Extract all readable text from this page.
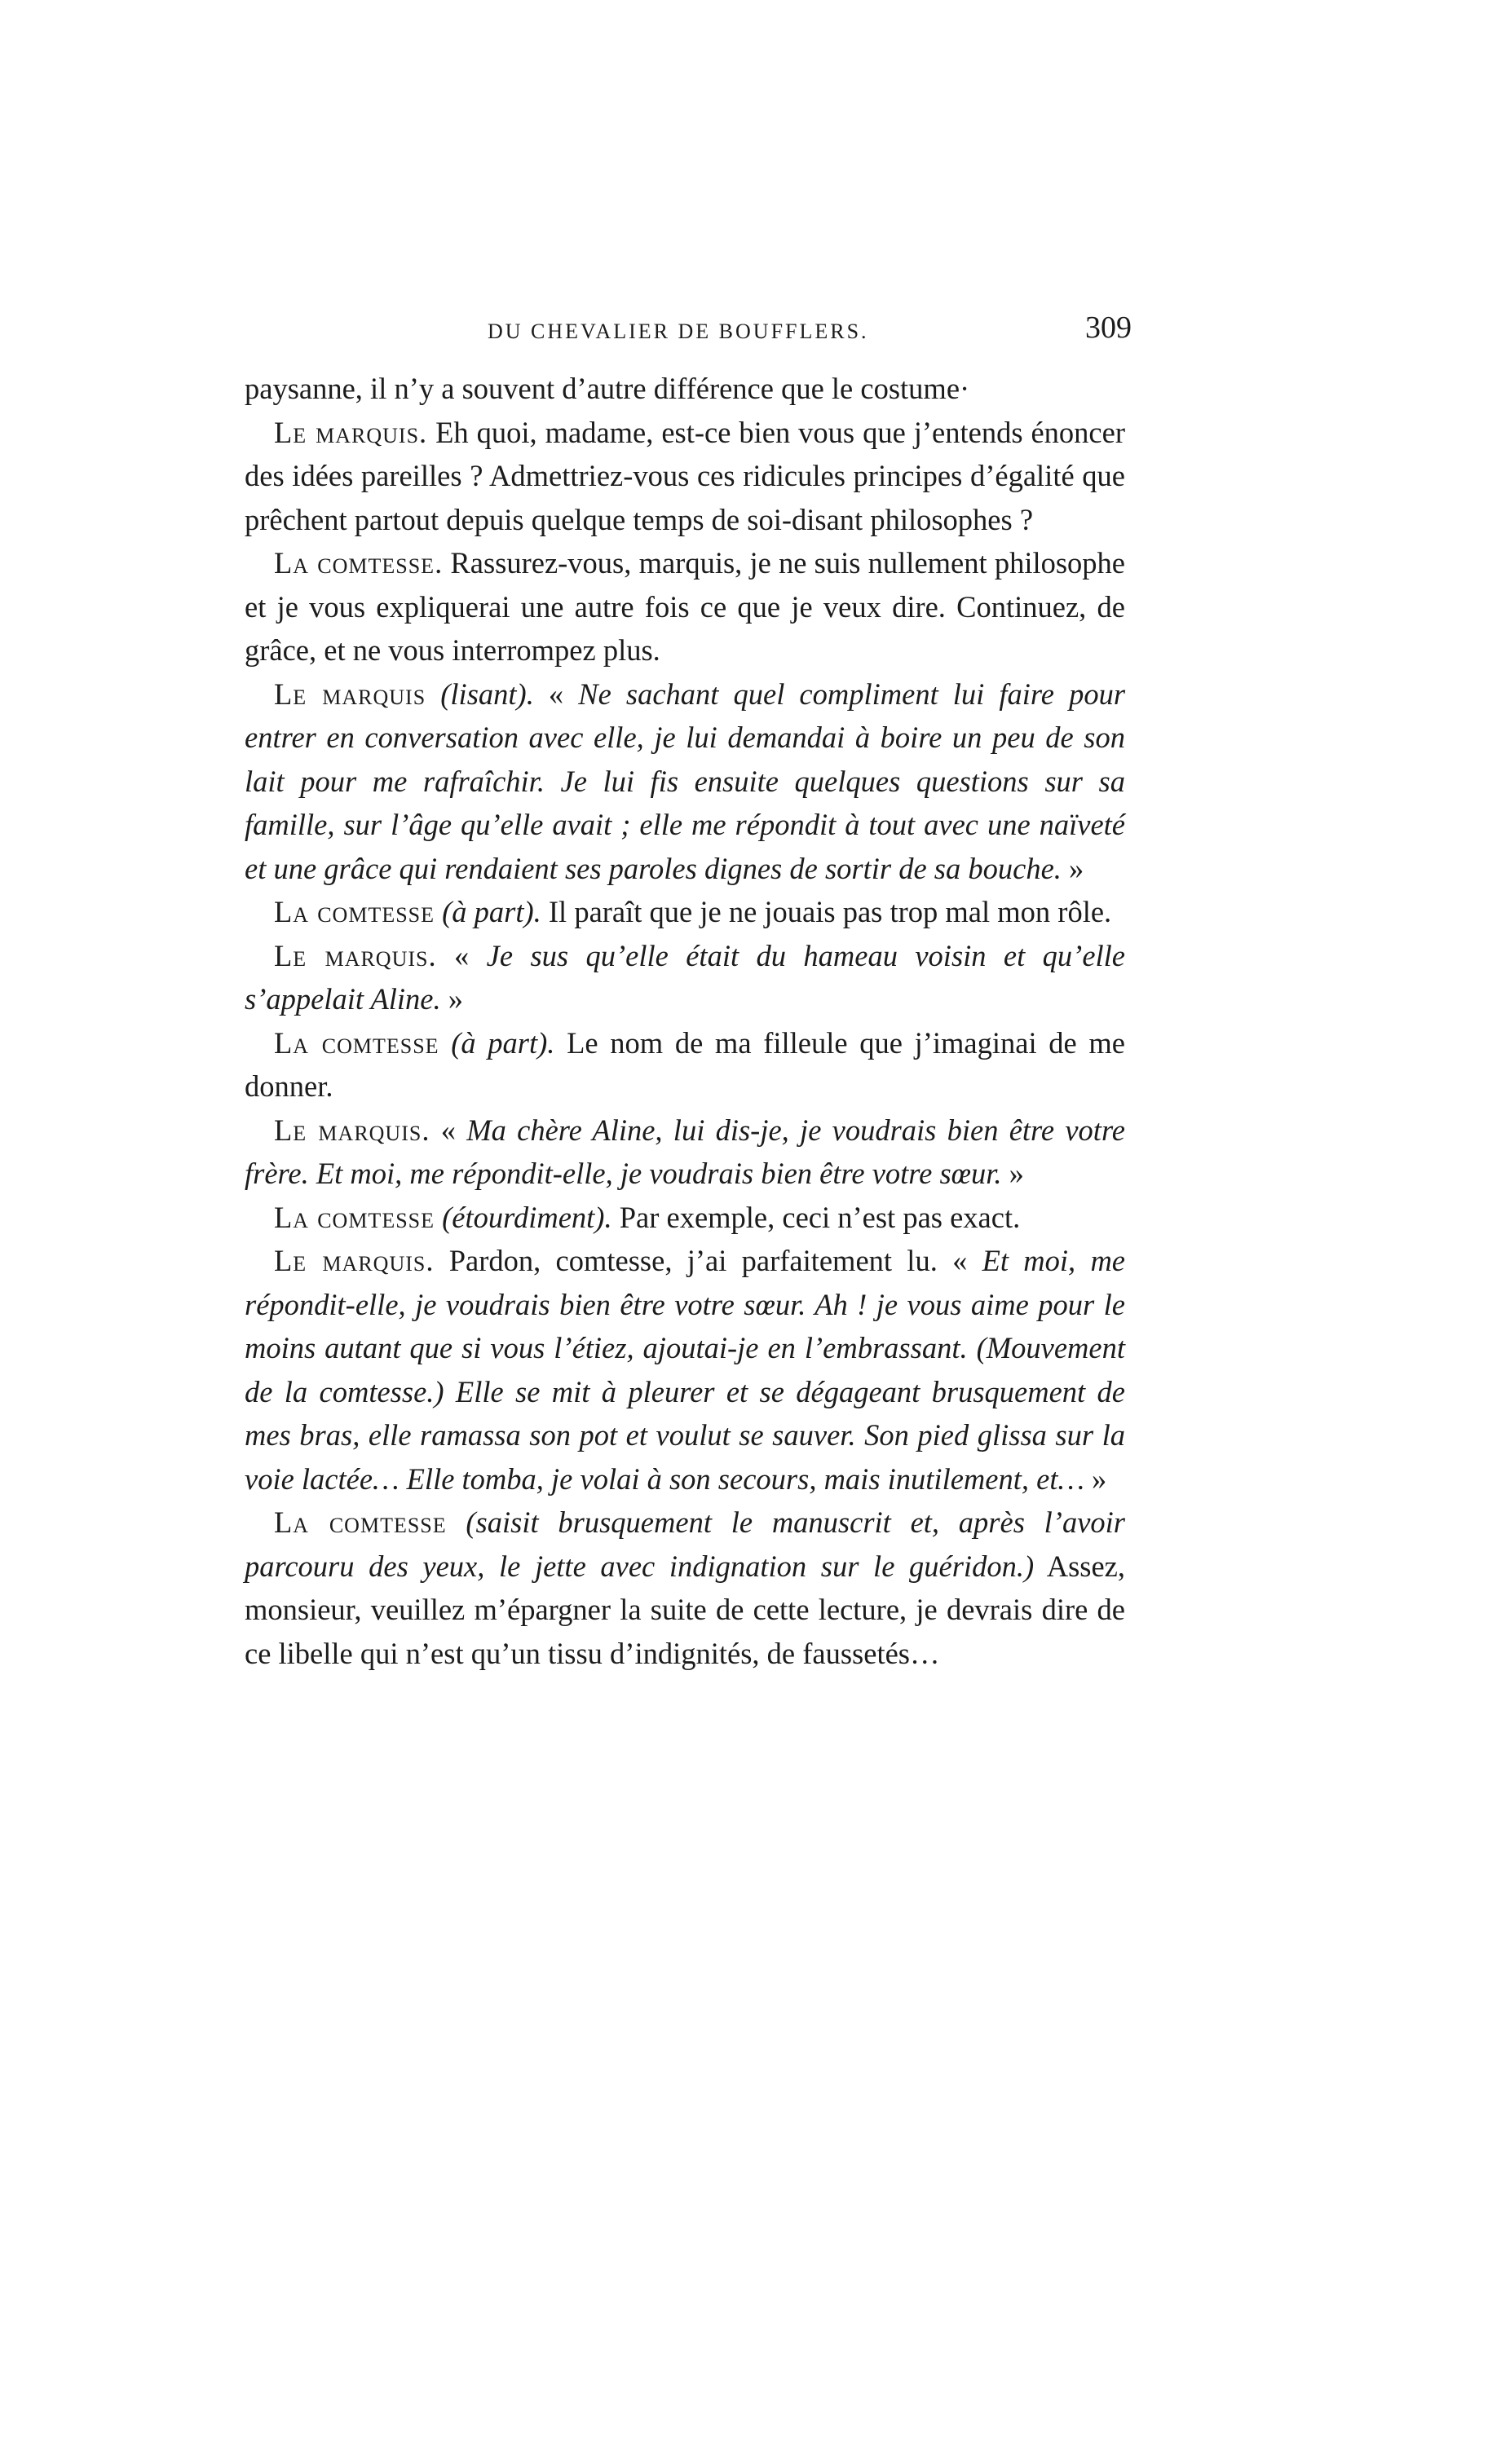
DU CHEVALIER DE BOUFFLERS.	309

paysanne, il n’y a souvent d’autre différence que le costume·

Le marquis. Eh quoi, madame, est-ce bien vous que j’entends énoncer des idées pareilles ? Admettriez-vous ces ridicules principes d’égalité que prêchent partout depuis quelque temps de soi-disant philosophes ?

La comtesse. Rassurez-vous, marquis, je ne suis nullement philosophe et je vous expliquerai une autre fois ce que je veux dire. Continuez, de grâce, et ne vous interrompez plus.

Le marquis (lisant). « Ne sachant quel compliment lui faire pour entrer en conversation avec elle, je lui demandai à boire un peu de son lait pour me rafraîchir. Je lui fis ensuite quelques questions sur sa famille, sur l’âge qu’elle avait ; elle me répondit à tout avec une naïveté et une grâce qui rendaient ses paroles dignes de sortir de sa bouche. »

La comtesse (à part). Il paraît que je ne jouais pas trop mal mon rôle.

Le marquis. « Je sus qu’elle était du hameau voisin et qu’elle s’appelait Aline. »

La comtesse (à part). Le nom de ma filleule que j’imaginai de me donner.

Le marquis. « Ma chère Aline, lui dis-je, je voudrais bien être votre frère. Et moi, me répondit-elle, je voudrais bien être votre sœur. »

La comtesse (étourdiment). Par exemple, ceci n’est pas exact.

Le marquis. Pardon, comtesse, j’ai parfaitement lu. « Et moi, me répondit-elle, je voudrais bien être votre sœur. Ah ! je vous aime pour le moins autant que si vous l’étiez, ajoutai-je en l’embrassant. (Mouvement de la comtesse.) Elle se mit à pleurer et se dégageant brusquement de mes bras, elle ramassa son pot et voulut se sauver. Son pied glissa sur la voie lactée… Elle tomba, je volai à son secours, mais inutilement, et… »

La comtesse (saisit brusquement le manuscrit et, après l’avoir parcouru des yeux, le jette avec indignation sur le guéridon.) Assez, monsieur, veuillez m’épargner la suite de cette lecture, je devrais dire de ce libelle qui n’est qu’un tissu d’indignités, de faussetés…
